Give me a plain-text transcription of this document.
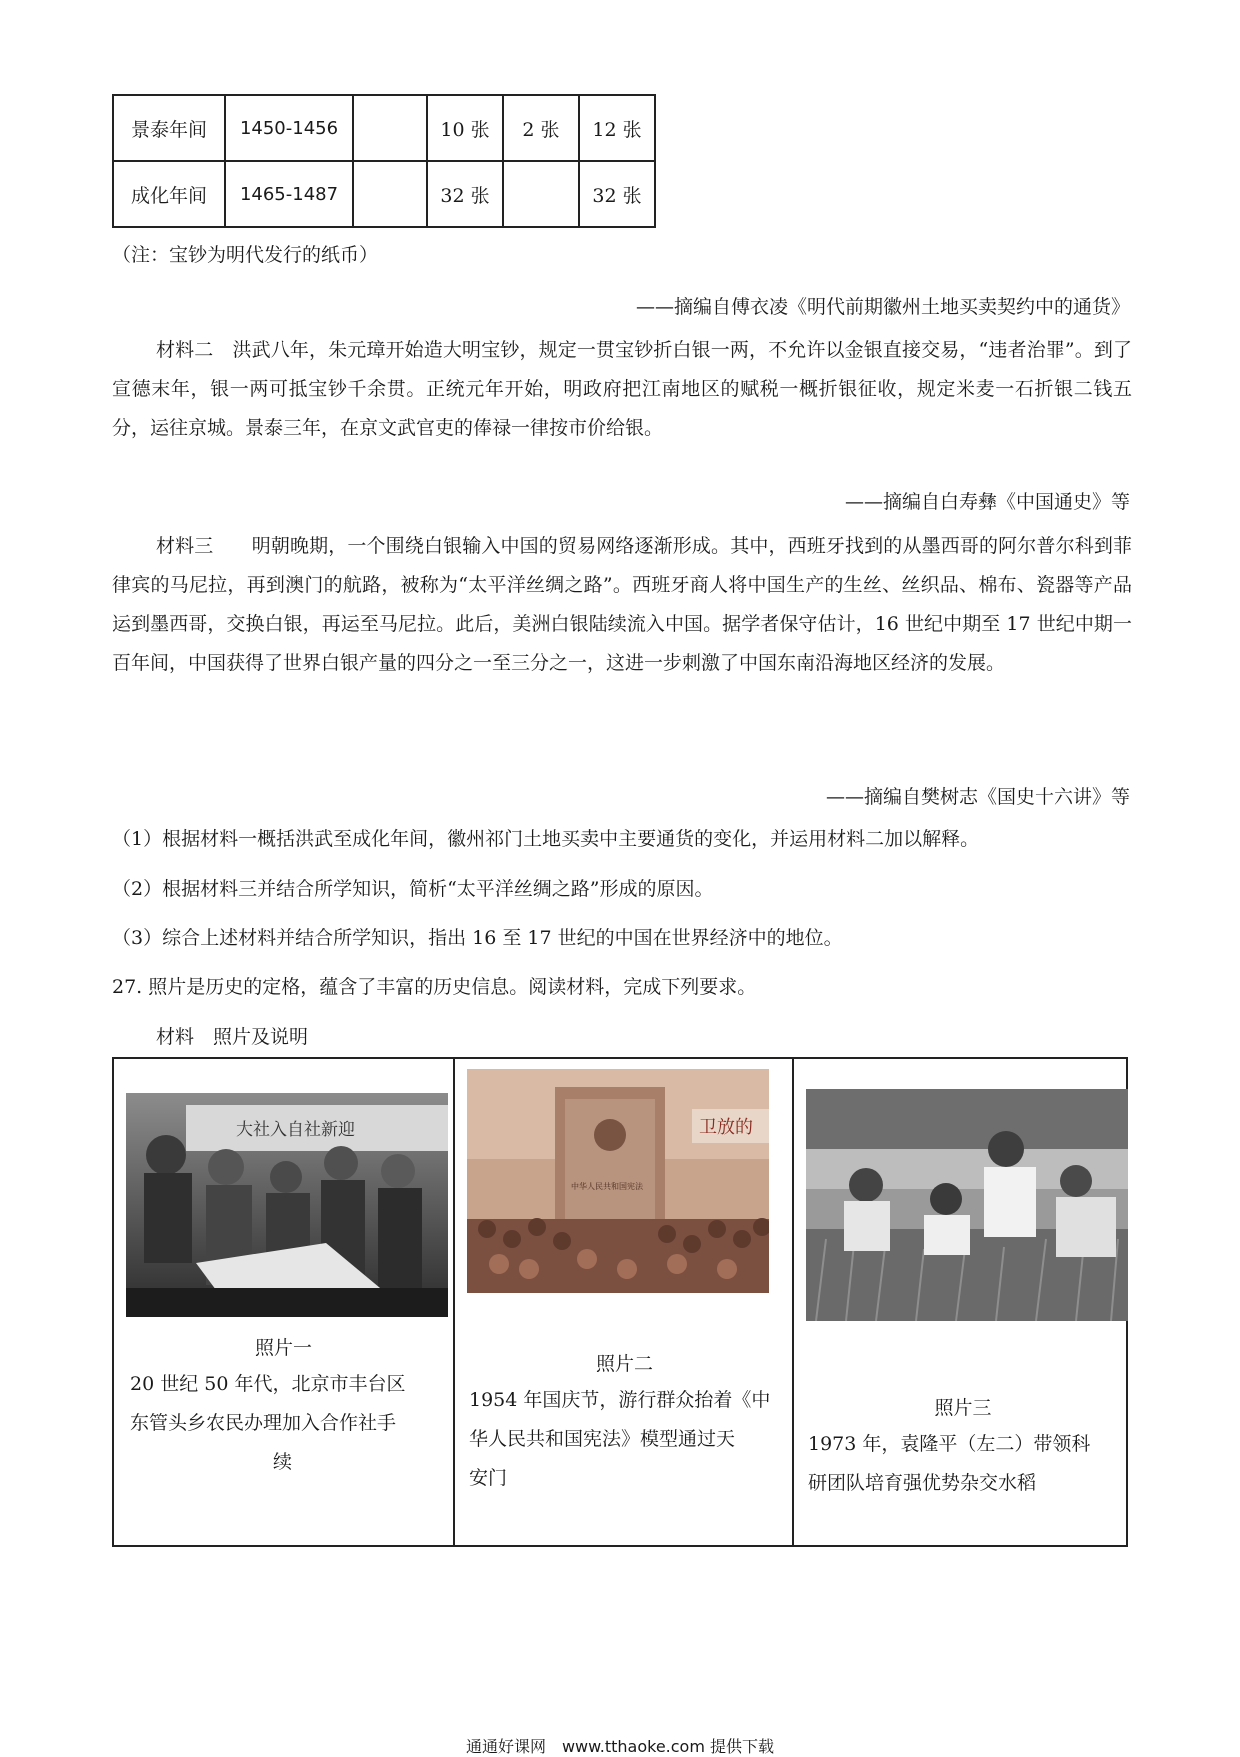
景泰年间	1450-1456		10 张	2 张	12 张
成化年间	1465-1487		32 张		32 张
（注：宝钞为明代发行的纸币）
——摘编自傅衣凌《明代前期徽州土地买卖契约中的通货》

材料二　洪武八年，朱元璋开始造大明宝钞，规定一贯宝钞折白银一两，不允许以金银直接交易，“违者治罪”。到了宣德末年，银一两可抵宝钞千余贯。正统元年开始，明政府把江南地区的赋税一概折银征收，规定米麦一石折银二钱五分，运往京城。景泰三年，在京文武官吏的俸禄一律按市价给银。

——摘编自白寿彝《中国通史》等

材料三　　明朝晚期，一个围绕白银输入中国的贸易网络逐渐形成。其中，西班牙找到的从墨西哥的阿尔普尔科到菲律宾的马尼拉，再到澳门的航路，被称为“太平洋丝绸之路”。西班牙商人将中国生产的生丝、丝织品、棉布、瓷器等产品运到墨西哥，交换白银，再运至马尼拉。此后，美洲白银陆续流入中国。据学者保守估计，16 世纪中期至 17 世纪中期一百年间，中国获得了世界白银产量的四分之一至三分之一，这进一步刺激了中国东南沿海地区经济的发展。

——摘编自樊树志《国史十六讲》等
（1）根据材料一概括洪武至成化年间，徽州祁门土地买卖中主要通货的变化，并运用材料二加以解释。
（2）根据材料三并结合所学知识，简析“太平洋丝绸之路”形成的原因。
（3）综合上述材料并结合所学知识，指出 16 至 17 世纪的中国在世界经济中的地位。
27. 照片是历史的定格，蕴含了丰富的历史信息。阅读材料，完成下列要求。
材料　照片及说明
大社入自社新迎
照片一
20 世纪 50 年代，北京市丰台区
东管头乡农民办理加入合作社手
续
中华人民共和国宪法
卫放的
照片二
1954 年国庆节，游行群众抬着《中
华人民共和国宪法》模型通过天
安门
照片三
1973 年，袁隆平（左二）带领科
研团队培育强优势杂交水稻
通通好课网　www.tthaoke.com 提供下载
